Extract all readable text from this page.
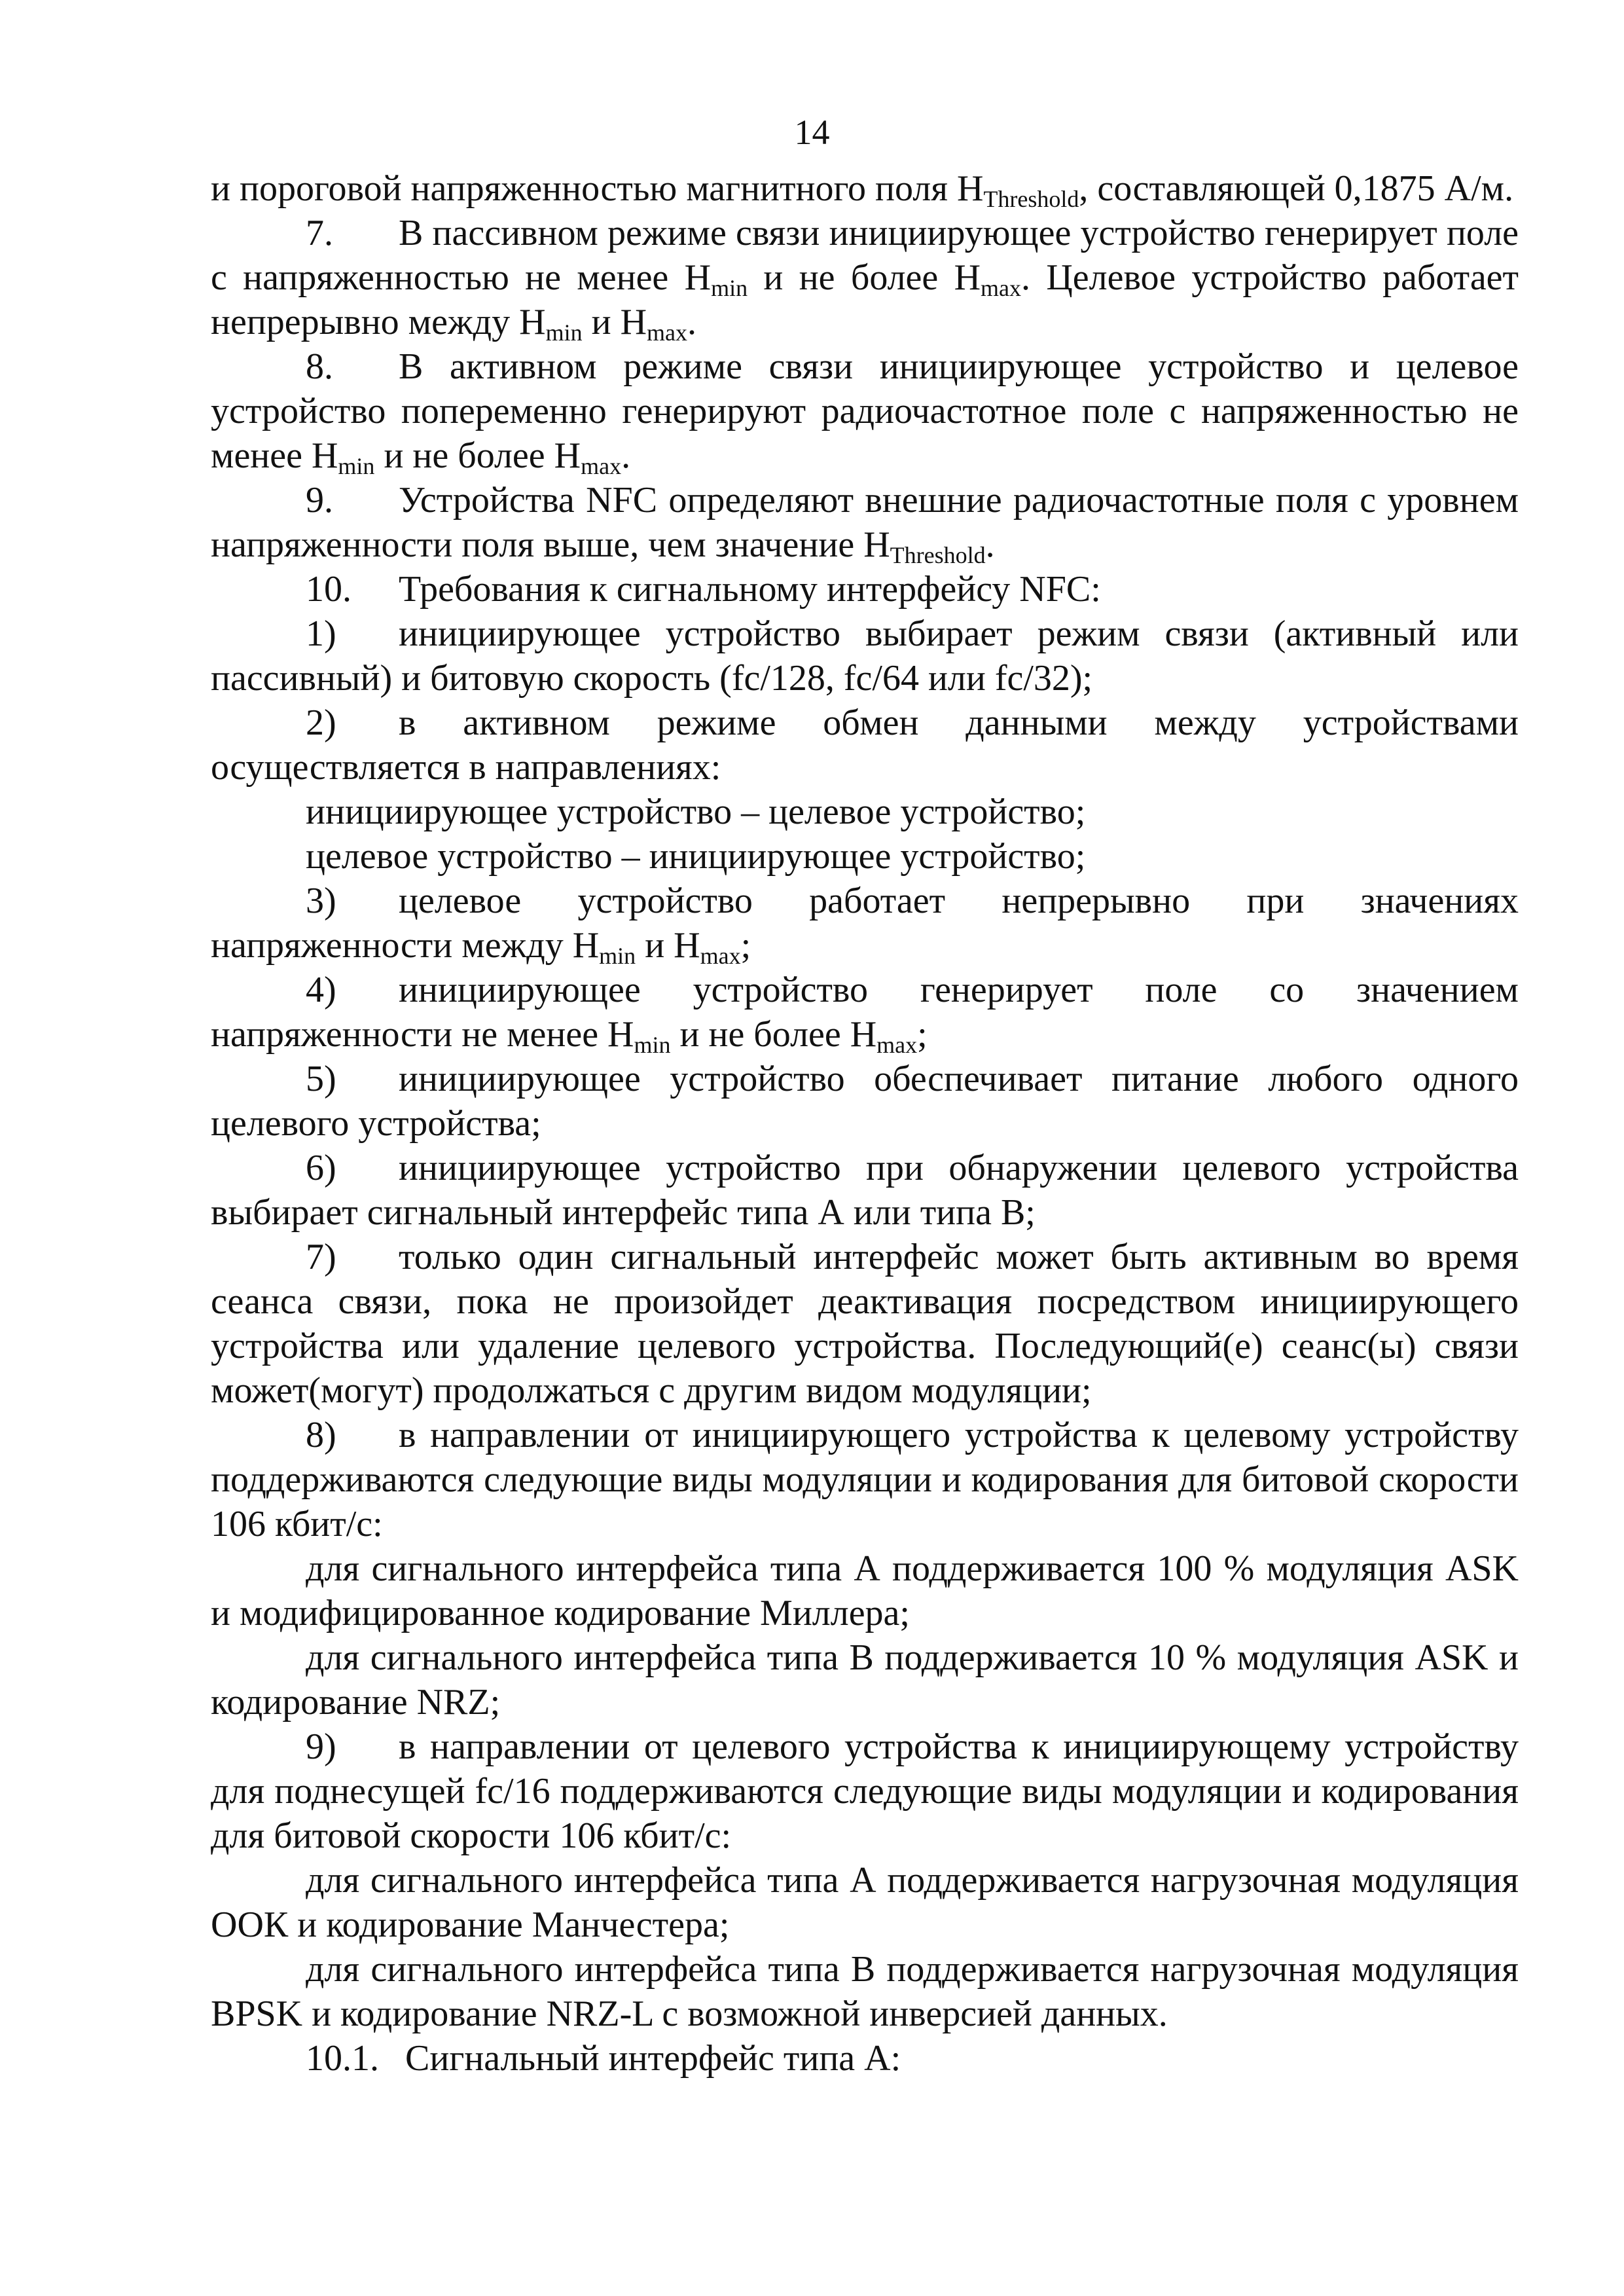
14

и пороговой напряженностью магнитного поля $H_{Threshold}$, составляющей 0,1875 А/м.

7. В пассивном режиме связи инициирующее устройство генерирует поле с напряженностью не менее $H_{min}$ и не более $H_{max}$. Целевое устройство работает непрерывно между $H_{min}$ и $H_{max}$.

8. В активном режиме связи инициирующее устройство и целевое устройство попеременно генерируют радиочастотное поле с напряженностью не менее $H_{min}$ и не более $H_{max}$.

9. Устройства NFC определяют внешние радиочастотные поля с уровнем напряженности поля выше, чем значение $H_{Threshold}$.

10. Требования к сигнальному интерфейсу NFC:

1) инициирующее устройство выбирает режим связи (активный или пассивный) и битовую скорость (fc/128, fc/64 или fc/32);

2) в активном режиме обмен данными между устройствами осуществляется в направлениях:

инициирующее устройство – целевое устройство;

целевое устройство – инициирующее устройство;

3) целевое устройство работает непрерывно при значениях напряженности между $H_{min}$ и $H_{max}$;

4) инициирующее устройство генерирует поле со значением напряженности не менее $H_{min}$ и не более $H_{max}$;

5) инициирующее устройство обеспечивает питание любого одного целевого устройства;

6) инициирующее устройство при обнаружении целевого устройства выбирает сигнальный интерфейс типа А или типа В;

7) только один сигнальный интерфейс может быть активным во время сеанса связи, пока не произойдет деактивация посредством инициирующего устройства или удаление целевого устройства. Последующий(е) сеанс(ы) связи может(могут) продолжаться с другим видом модуляции;

8) в направлении от инициирующего устройства к целевому устройству поддерживаются следующие виды модуляции и кодирования для битовой скорости 106 кбит/с:

для сигнального интерфейса типа А поддерживается 100 % модуляция ASK и модифицированное кодирование Миллера;

для сигнального интерфейса типа В поддерживается 10 % модуляция ASK и кодирование NRZ;

9) в направлении от целевого устройства к инициирующему устройству для поднесущей fc/16 поддерживаются следующие виды модуляции и кодирования для битовой скорости 106 кбит/с:

для сигнального интерфейса типа А поддерживается нагрузочная модуляция ООК и кодирование Манчестера;

для сигнального интерфейса типа В поддерживается нагрузочная модуляция BPSK и кодирование NRZ-L с возможной инверсией данных.

10.1. Сигнальный интерфейс типа А:
